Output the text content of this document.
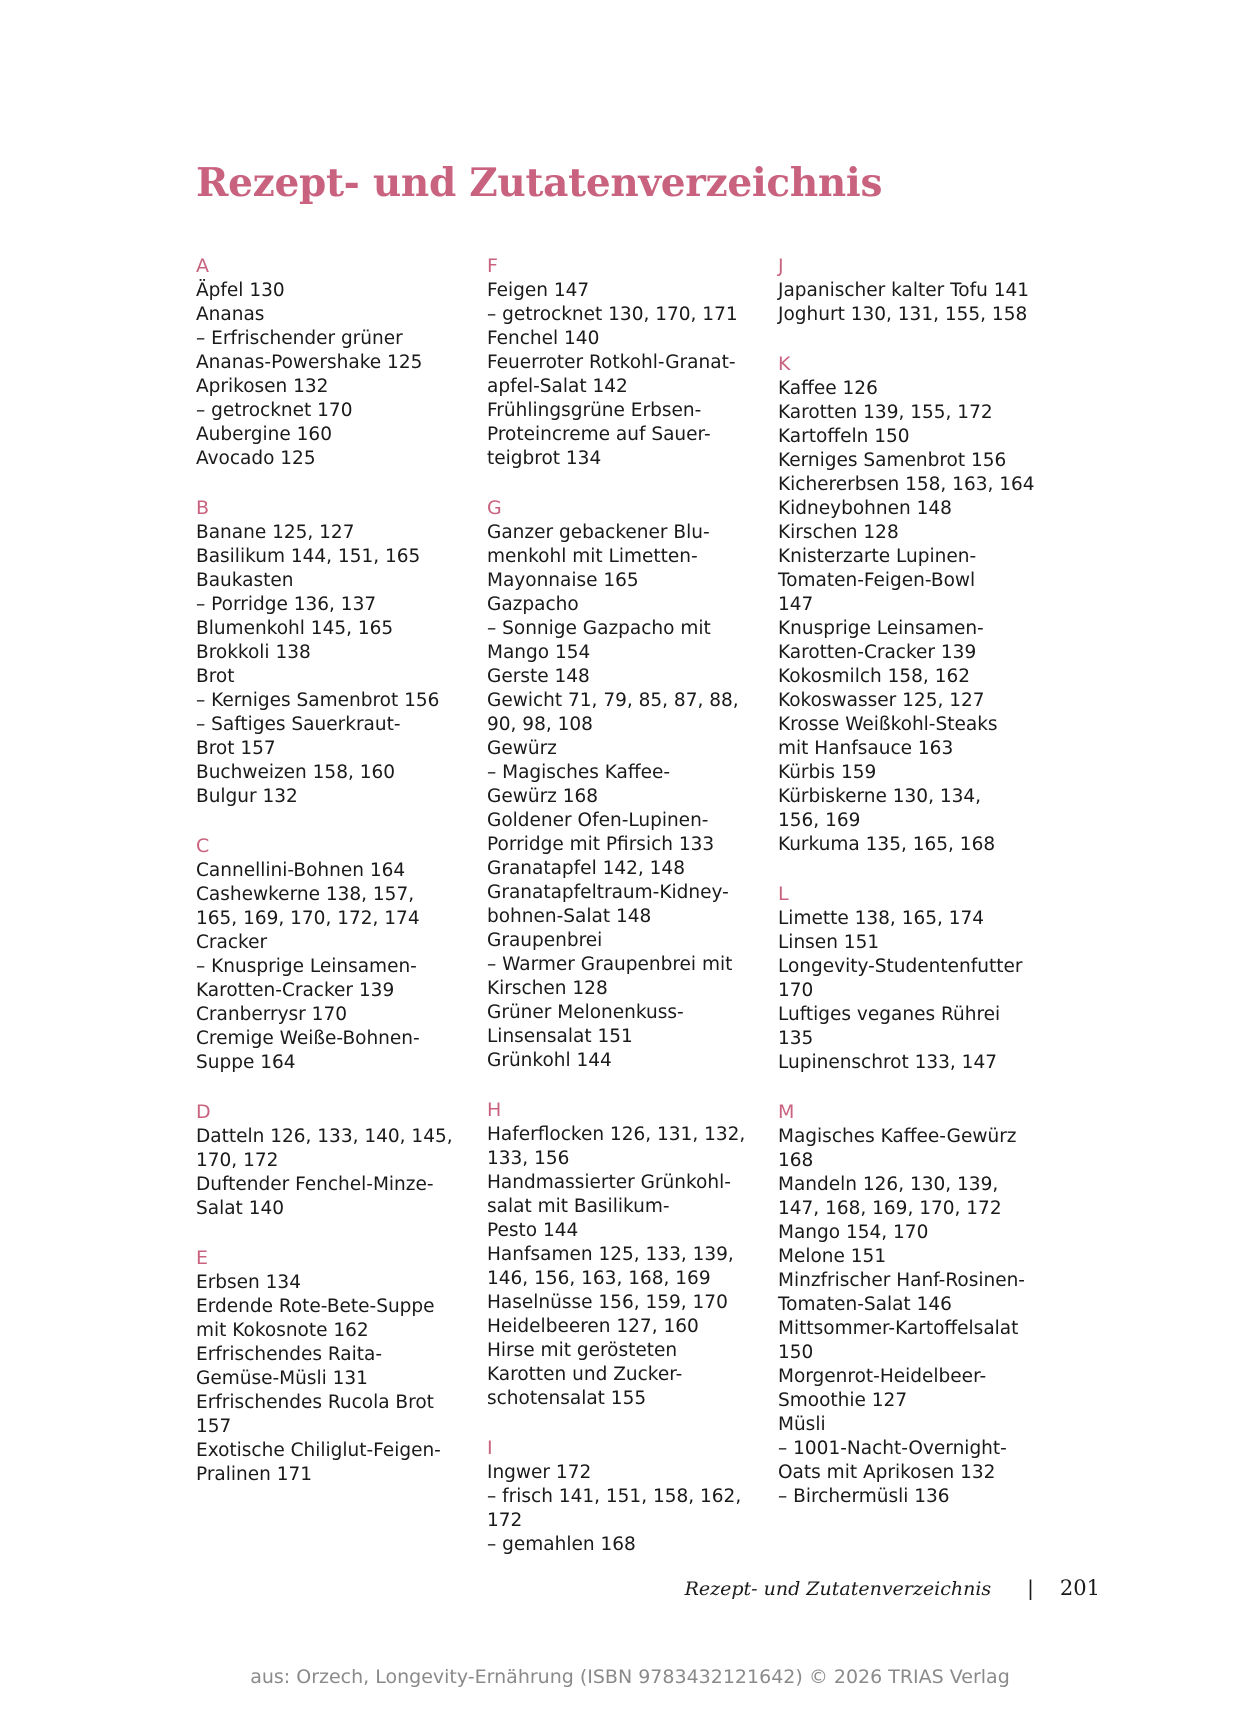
Rezept- und Zutatenverzeichnis
A
Äpfel 130
Ananas
– Erfrischender grüner
Ananas-Powershake 125
Aprikosen 132
– getrocknet 170
Aubergine 160
Avocado 125
B
Banane 125, 127
Basilikum 144, 151, 165
Baukasten
– Porridge 136, 137
Blumenkohl 145, 165
Brokkoli 138
Brot
– Kerniges Samenbrot 156
– Saftiges Sauerkraut-
Brot 157
Buchweizen 158, 160
Bulgur 132
C
Cannellini-Bohnen 164
Cashewkerne 138, 157,
165, 169, 170, 172, 174
Cracker
– Knusprige Leinsamen-
Karotten-Cracker 139
Cranberrysr 170
Cremige Weiße-Bohnen-
Suppe 164
D
Datteln 126, 133, 140, 145,
170, 172
Duftender Fenchel-Minze-
Salat 140
E
Erbsen 134
Erdende Rote-Bete-Suppe
mit Kokosnote 162
Erfrischendes Raita-
Gemüse-Müsli 131
Erfrischendes Rucola Brot
157
Exotische Chiliglut-Feigen-
Pralinen 171
F
Feigen 147
– getrocknet 130, 170, 171
Fenchel 140
Feuerroter Rotkohl-Granat-
apfel-Salat 142
Frühlingsgrüne Erbsen-
Proteincreme auf Sauer-
teigbrot 134
G
Ganzer gebackener Blu-
menkohl mit Limetten-
Mayonnaise 165
Gazpacho
– Sonnige Gazpacho mit
Mango 154
Gerste 148
Gewicht 71, 79, 85, 87, 88,
90, 98, 108
Gewürz
– Magisches Kaffee-
Gewürz 168
Goldener Ofen-Lupinen-
Porridge mit Pfirsich 133
Granatapfel 142, 148
Granatapfeltraum-Kidney-
bohnen-Salat 148
Graupenbrei
– Warmer Graupenbrei mit
Kirschen 128
Grüner Melonenkuss-
Linsensalat 151
Grünkohl 144
H
Haferflocken 126, 131, 132,
133, 156
Handmassierter Grünkohl-
salat mit Basilikum-
Pesto 144
Hanfsamen 125, 133, 139,
146, 156, 163, 168, 169
Haselnüsse 156, 159, 170
Heidelbeeren 127, 160
Hirse mit gerösteten
Karotten und Zucker-
schotensalat 155
I
Ingwer 172
– frisch 141, 151, 158, 162,
172
– gemahlen 168
J
Japanischer kalter Tofu 141
Joghurt 130, 131, 155, 158
K
Kaffee 126
Karotten 139, 155, 172
Kartoffeln 150
Kerniges Samenbrot 156
Kichererbsen 158, 163, 164
Kidneybohnen 148
Kirschen 128
Knisterzarte Lupinen-
Tomaten-Feigen-Bowl
147
Knusprige Leinsamen-
Karotten-Cracker 139
Kokosmilch 158, 162
Kokoswasser 125, 127
Krosse Weißkohl-Steaks
mit Hanfsauce 163
Kürbis 159
Kürbiskerne 130, 134,
156, 169
Kurkuma 135, 165, 168
L
Limette 138, 165, 174
Linsen 151
Longevity-Studentenfutter
170
Luftiges veganes Rührei
135
Lupinenschrot 133, 147
M
Magisches Kaffee-Gewürz
168
Mandeln 126, 130, 139,
147, 168, 169, 170, 172
Mango 154, 170
Melone 151
Minzfrischer Hanf-Rosinen-
Tomaten-Salat 146
Mittsommer-Kartoffelsalat
150
Morgenrot-Heidelbeer-
Smoothie 127
Müsli
– 1001-Nacht-Overnight-
Oats mit Aprikosen 132
– Birchermüsli 136
Rezept- und Zutatenverzeichnis | 201
aus: Orzech, Longevity-Ernährung (ISBN 9783432121642) © 2026 TRIAS Verlag
